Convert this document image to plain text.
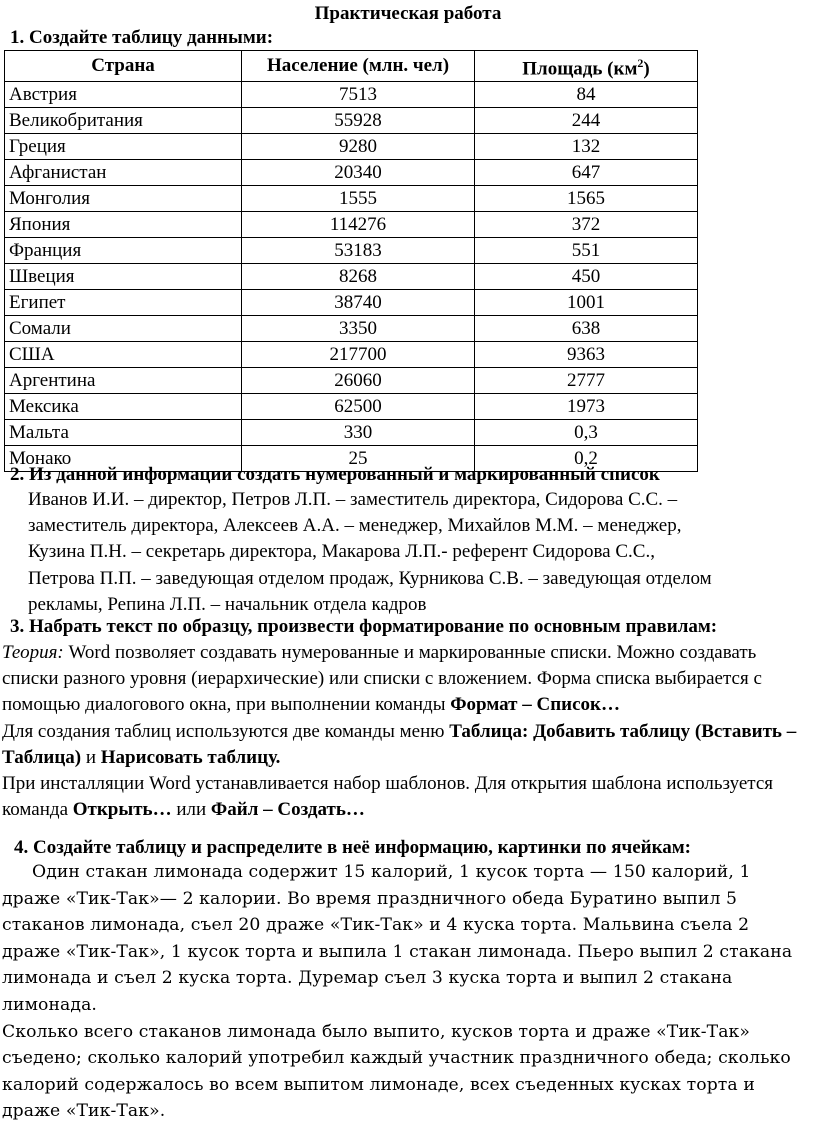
Практическая работа
1. Создайте таблицу данными:
Страна	Население (млн. чел)	Площадь $(км^2)$
Австрия	7513	84
Великобритания	55928	244
Греция	9280	132
Афганистан	20340	647
Монголия	1555	1565
Япония	114276	372
Франция	53183	551
Швеция	8268	450
Египет	38740	1001
Сомали	3350	638
США	217700	9363
Аргентина	26060	2777
Мексика	62500	1973
Мальта	330	0,3
Монако	25	0,2
2. Из данной информации создать нумерованный и маркированный список
Иванов И.И. – директор, Петров Л.П. – заместитель директора, Сидорова С.С. –
заместитель директора, Алексеев А.А. – менеджер, Михайлов М.М. – менеджер,
Кузина П.Н. – секретарь директора, Макарова Л.П.- референт Сидорова С.С.,
Петрова П.П. – заведующая отделом продаж, Курникова С.В. – заведующая отделом
рекламы, Репина Л.П. – начальник отдела кадров
3. Набрать текст по образцу, произвести форматирование по основным правилам:
Теория: Word позволяет создавать нумерованные и маркированные списки. Можно создавать списки разного уровня (иерархические) или списки с вложением. Форма списка выбирается с помощью диалогового окна, при выполнении команды Формат – Список…
Для создания таблиц используются две команды меню Таблица: Добавить таблицу (Вставить – Таблица) и Нарисовать таблицу.
При инсталляции Word устанавливается набор шаблонов. Для открытия шаблона используется команда Открыть… или Файл – Создать…
4. Создайте таблицу и распределите в неё информацию, картинки по ячейкам:
Один стакан лимонада содержит 15 калорий, 1 кусок торта — 150 калорий, 1 драже «Тик-Так»— 2 калории. Во время праздничного обеда Буратино выпил 5 стаканов лимонада, съел 20 драже «Тик-Так» и 4 куска торта. Мальвина съела 2 драже «Тик-Так», 1 кусок торта и выпила 1 стакан лимонада. Пьеро выпил 2 стакана лимонада и съел 2 куска торта. Дуремар съел 3 куска торта и выпил 2 стакана лимонада.
Сколько всего стаканов лимонада было выпито, кусков торта и драже «Тик-Так» съедено; сколько калорий употребил каждый участник праздничного обеда; сколько калорий содержалось во всем выпитом лимонаде, всех съеденных кусках торта и драже «Тик-Так».
